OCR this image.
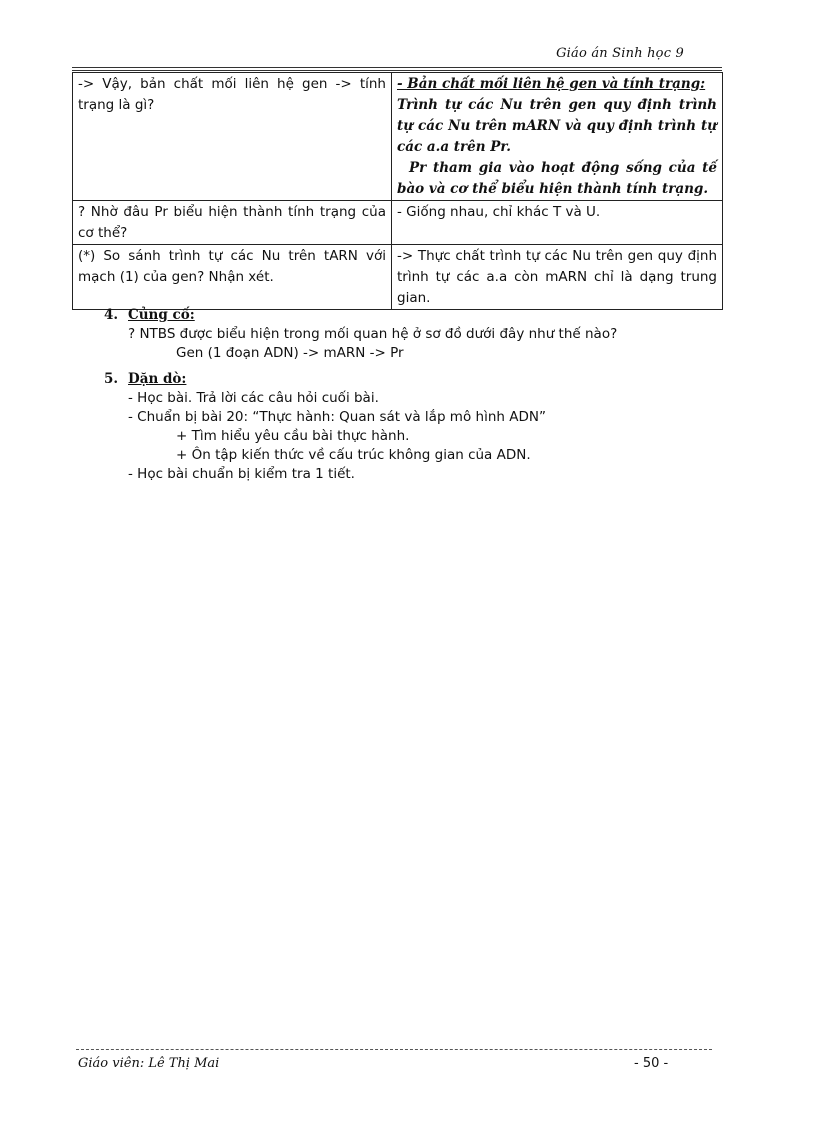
Giáo án Sinh học 9
-> Vậy, bản chất mối liên hệ gen -> tính trạng là gì?	- Bản chất mối liên hệ gen và tính trạng:
Trình tự các Nu trên gen quy định trình tự các Nu trên mARN và quy định trình tự các a.a trên Pr.
Pr tham gia vào hoạt động sống của tế bào và cơ thể biểu hiện thành tính trạng.

? Nhờ đâu Pr biểu hiện thành tính trạng của cơ thể?	- Giống nhau, chỉ khác T và U.

(*) So sánh trình tự các Nu trên tARN với mạch (1) của gen? Nhận xét.	-> Thực chất trình tự các Nu trên gen quy định trình tự các a.a còn mARN chỉ là dạng trung gian.
4. Củng cố:
? NTBS được biểu hiện trong mối quan hệ ở sơ đồ dưới đây như thế nào?
Gen (1 đoạn ADN) -> mARN -> Pr
5. Dặn dò:
- Học bài. Trả lời các câu hỏi cuối bài.
- Chuẩn bị bài 20: “Thực hành: Quan sát và lắp mô hình ADN”
+ Tìm hiểu yêu cầu bài thực hành.
+ Ôn tập kiến thức về cấu trúc không gian của ADN.
- Học bài chuẩn bị kiểm tra 1 tiết.
Giáo viên: Lê Thị Mai	- 50 -
